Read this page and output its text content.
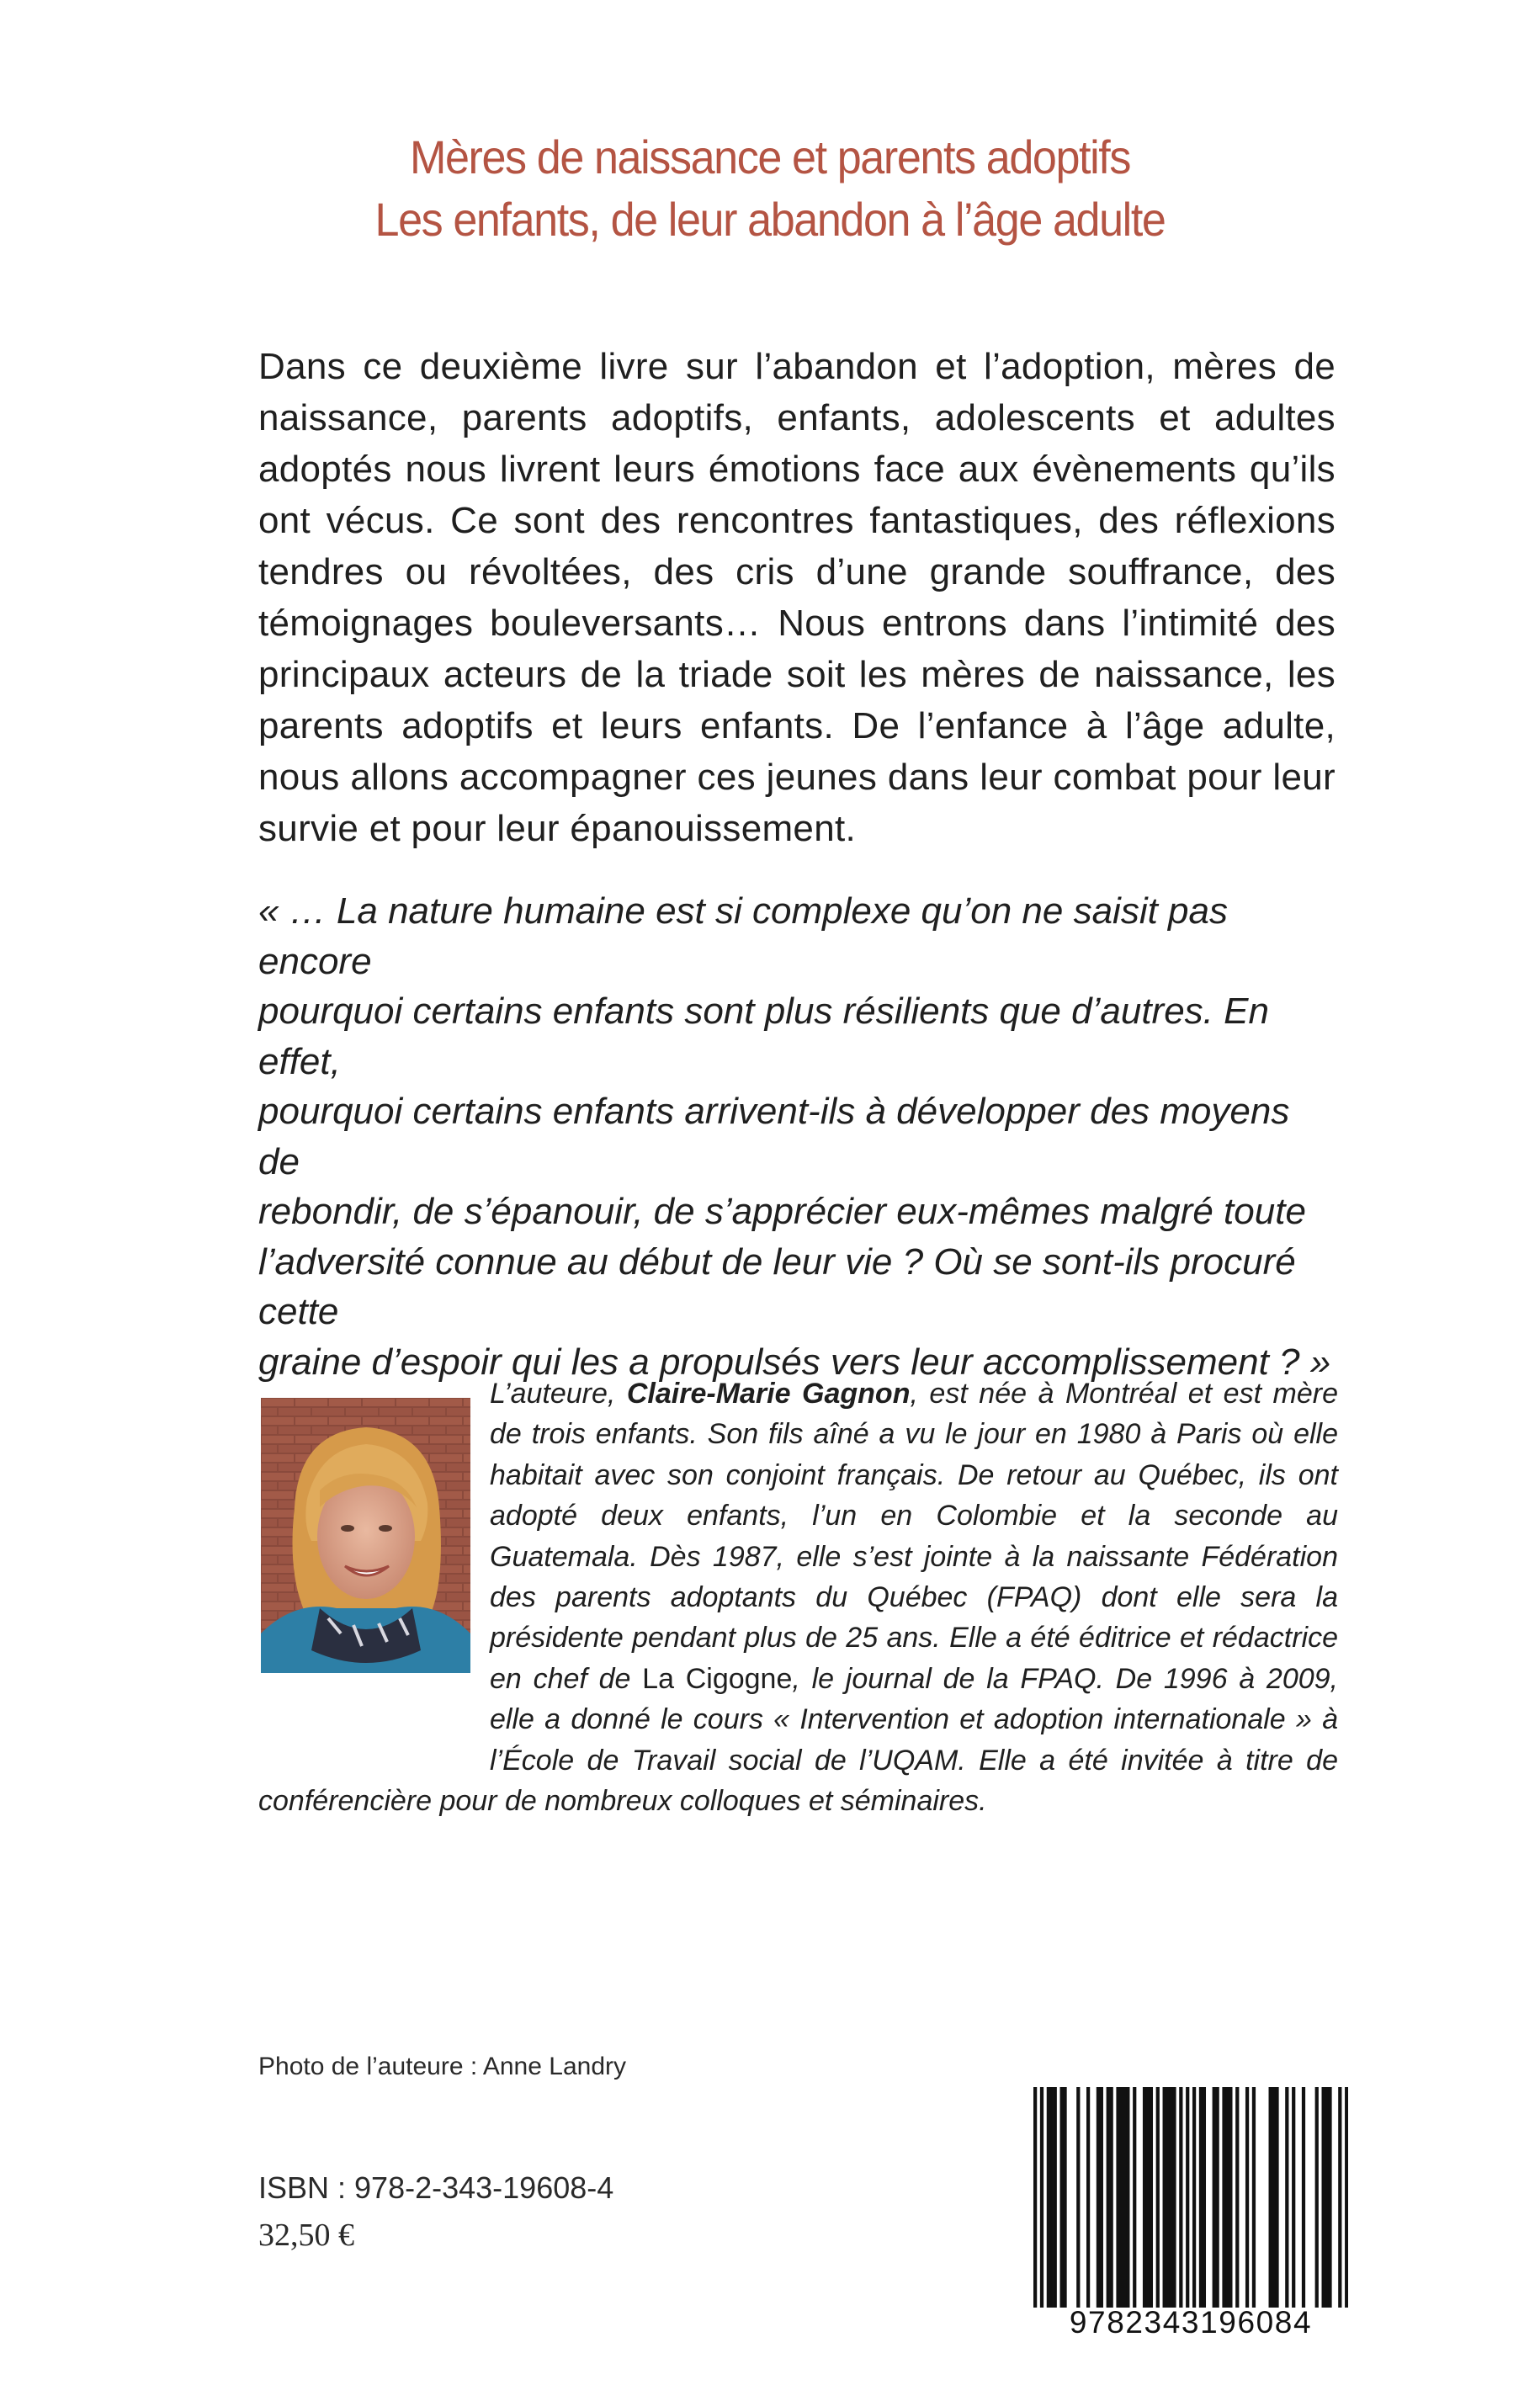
Mères de naissance et parents adoptifs
Les enfants, de leur abandon à l’âge adulte
Dans ce deuxième livre sur l’abandon et l’adoption, mères de naissance, parents adoptifs, enfants, adolescents et adultes adoptés nous livrent leurs émotions face aux évènements qu’ils ont vécus. Ce sont des rencontres fantastiques, des réflexions tendres ou révoltées, des cris d’une grande souffrance, des témoignages bouleversants… Nous entrons dans l’intimité des principaux acteurs de la triade soit les mères de naissance, les parents adoptifs et leurs enfants. De l’enfance à l’âge adulte, nous allons accompagner ces jeunes dans leur combat pour leur survie et pour leur épanouissement.
« … La nature humaine est si complexe qu’on ne saisit pas encore
pourquoi certains enfants sont plus résilients que d’autres. En effet,
pourquoi certains enfants arrivent-ils à développer des moyens de
rebondir, de s’épanouir, de s’apprécier eux-mêmes malgré toute
l’adversité connue au début de leur vie ? Où se sont-ils procuré cette
graine d’espoir qui les a propulsés vers leur accomplissement ? »
L’auteure, Claire-Marie Gagnon, est née à Montréal et est mère de trois enfants. Son fils aîné a vu le jour en 1980 à Paris où elle habitait avec son conjoint français. De retour au Québec, ils ont adopté deux enfants, l’un en Colombie et la seconde au Guatemala. Dès 1987, elle s’est jointe à la naissante Fédération des parents adoptants du Québec (FPAQ) dont elle sera la présidente pendant plus de 25 ans. Elle a été éditrice et rédactrice en chef de La Cigogne, le journal de la FPAQ. De 1996 à 2009, elle a donné le cours « Intervention et adoption internationale » à l’École de Travail social de l’UQAM. Elle a été invitée à titre de conférencière pour de nombreux colloques et séminaires.
Photo de l’auteure : Anne Landry
ISBN : 978-2-343-19608-4
32,50 €
9782343196084
